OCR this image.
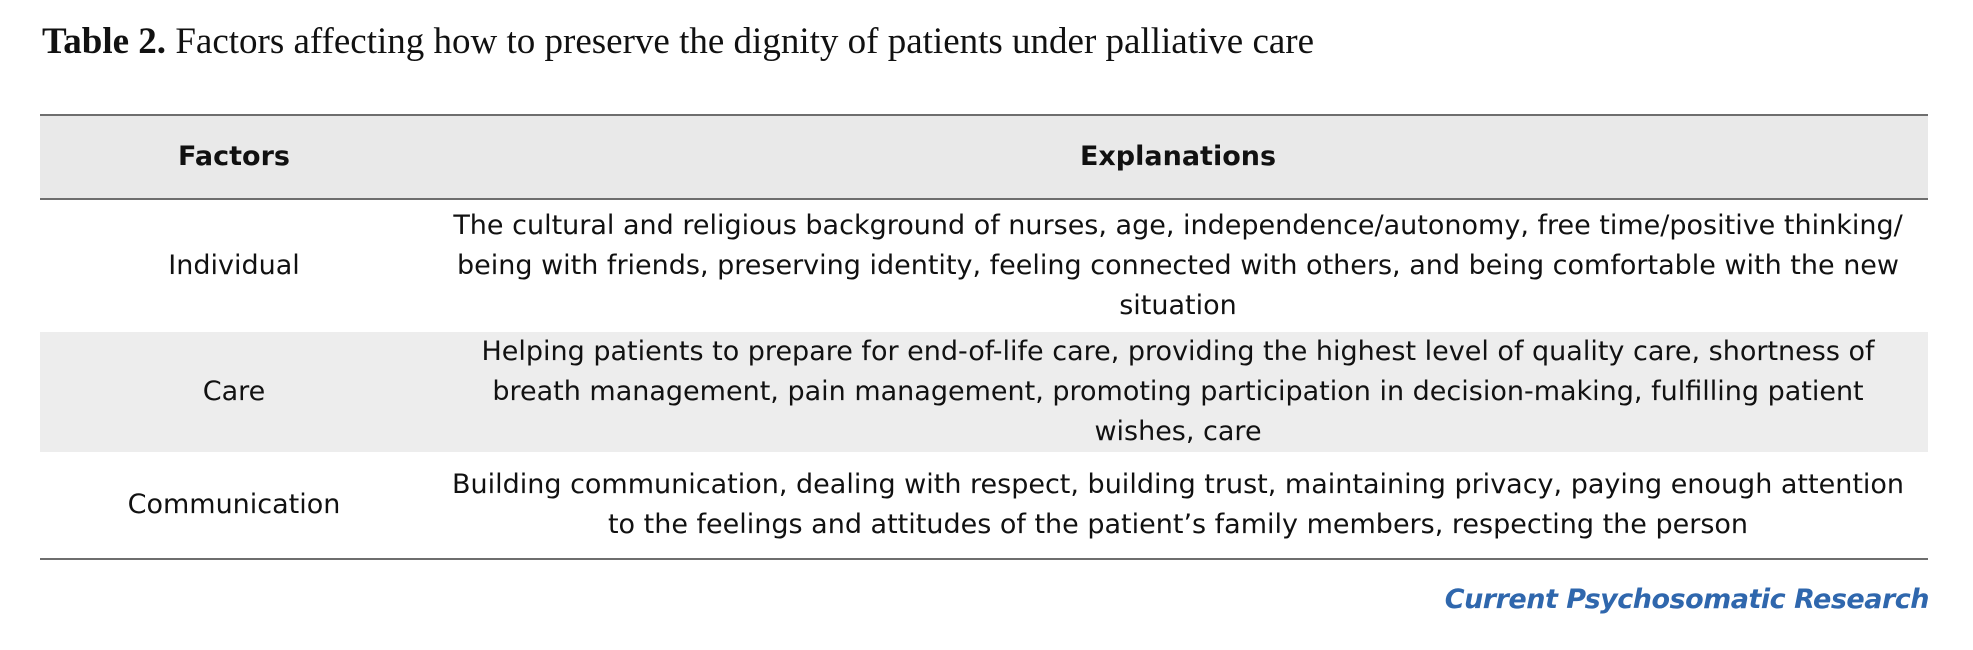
Table 2. Factors affecting how to preserve the dignity of patients under palliative care
Factors	Explanations
Individual	The cultural and religious background of nurses, age, independence/autonomy, free time/positive thinking/ being with friends, preserving identity, feeling connected with others, and being comfortable with the new situation
Care	Helping patients to prepare for end-of-life care, providing the highest level of quality care, shortness of breath management, pain management, promoting participation in decision-making, fulfilling patient wishes, care
Communication	Building communication, dealing with respect, building trust, maintaining privacy, paying enough attention to the feelings and attitudes of the patient’s family members, respecting the person
Current Psychosomatic Research
